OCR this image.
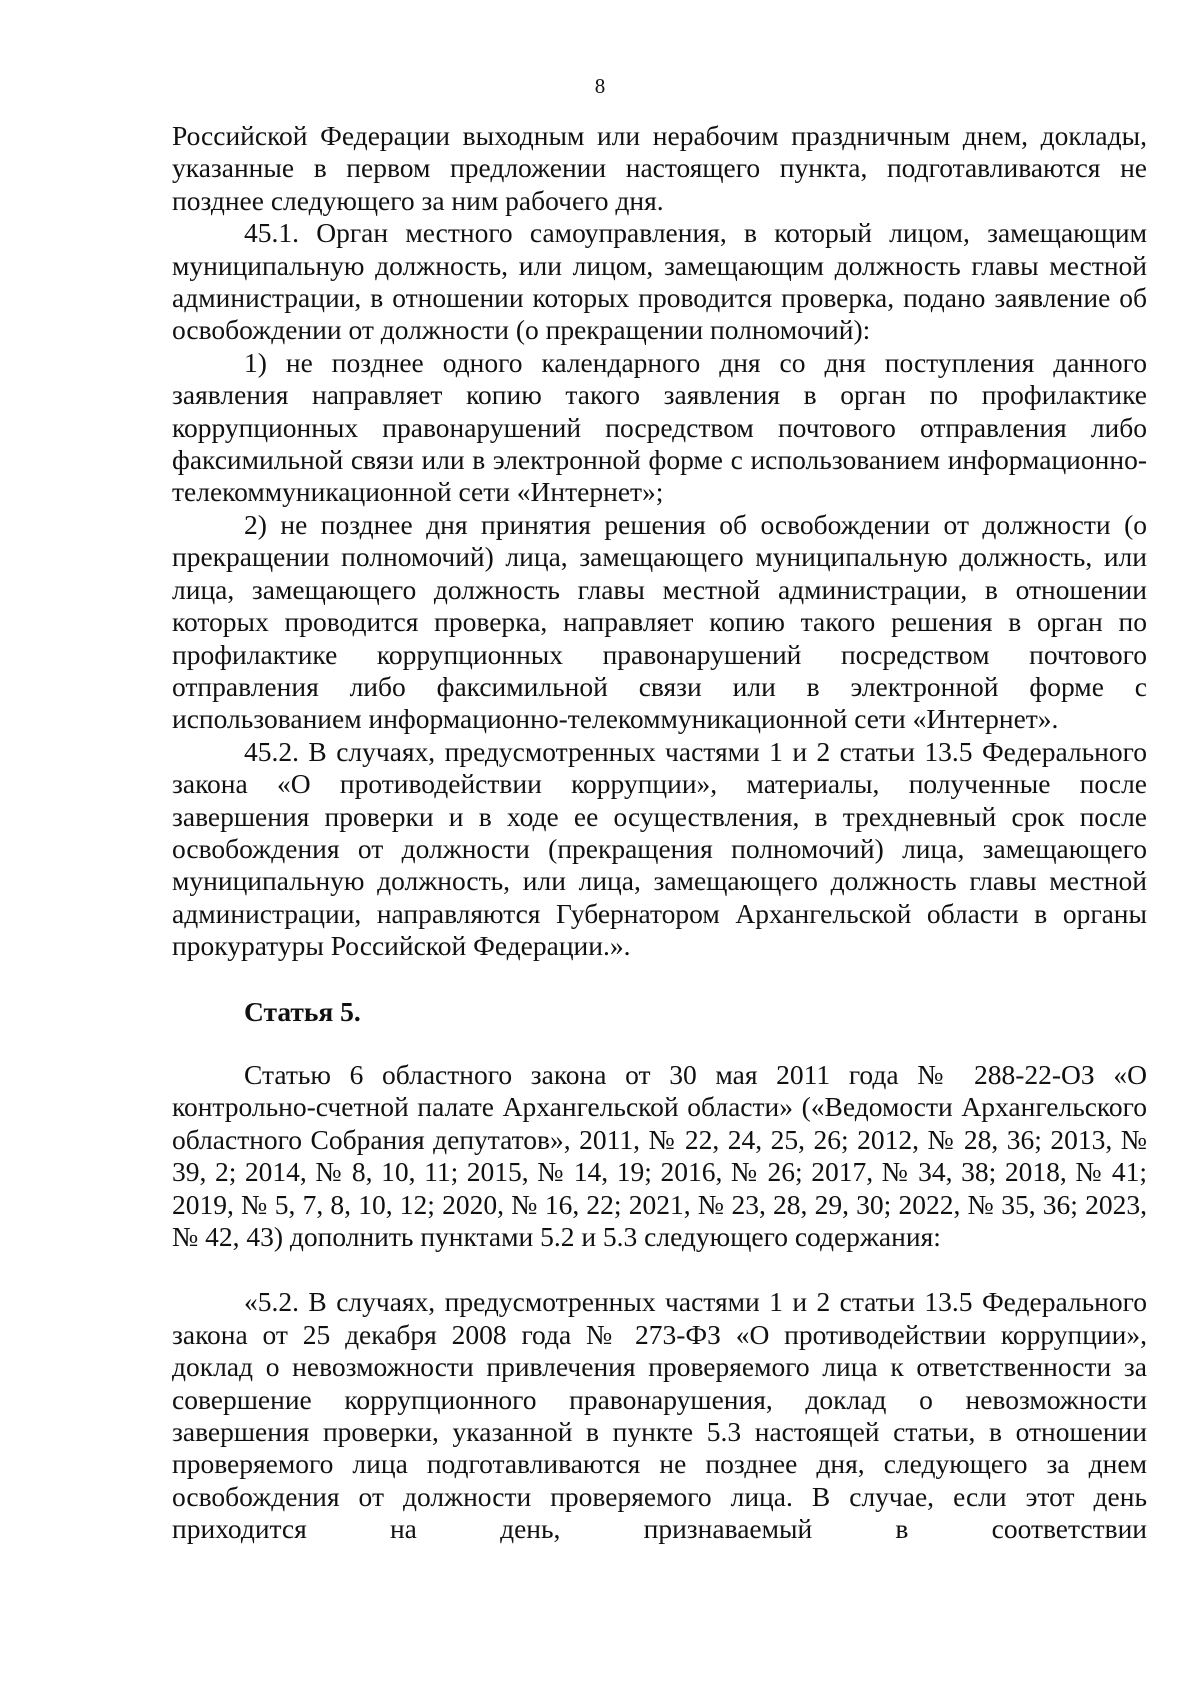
8

Российской Федерации выходным или нерабочим праздничным днем, доклады, указанные в первом предложении настоящего пункта, подготавливаются не позднее следующего за ним рабочего дня.

45.1. Орган местного самоуправления, в который лицом, замещающим муниципальную должность, или лицом, замещающим должность главы местной администрации, в отношении которых проводится проверка, подано заявление об освобождении от должности (о прекращении полномочий):

1) не позднее одного календарного дня со дня поступления данного заявления направляет копию такого заявления в орган по профилактике коррупционных правонарушений посредством почтового отправления либо факсимильной связи или в электронной форме с использованием информационно-телекоммуникационной сети «Интернет»;

2) не позднее дня принятия решения об освобождении от должности (о прекращении полномочий) лица, замещающего муниципальную должность, или лица, замещающего должность главы местной администрации, в отношении которых проводится проверка, направляет копию такого решения в орган по профилактике коррупционных правонарушений посредством почтового отправления либо факсимильной связи или в электронной форме с использованием информационно-телекоммуникационной сети «Интернет».

45.2. В случаях, предусмотренных частями 1 и 2 статьи 13.5 Федерального закона «О противодействии коррупции», материалы, полученные после завершения проверки и в ходе ее осуществления, в трехдневный срок после освобождения от должности (прекращения полномочий) лица, замещающего муниципальную должность, или лица, замещающего должность главы местной администрации, направляются Губернатором Архангельской области в органы прокуратуры Российской Федерации.».

Статья 5.

Статью 6 областного закона от 30 мая 2011 года № 288-22-ОЗ «О контрольно-счетной палате Архангельской области» («Ведомости Архангельского областного Собрания депутатов», 2011, № 22, 24, 25, 26; 2012, № 28, 36; 2013, № 39, 2; 2014, № 8, 10, 11; 2015, № 14, 19; 2016, № 26; 2017, № 34, 38; 2018, № 41; 2019, № 5, 7, 8, 10, 12; 2020, № 16, 22; 2021, № 23, 28, 29, 30; 2022, № 35, 36; 2023, № 42, 43) дополнить пунктами 5.2 и 5.3 следующего содержания:

«5.2. В случаях, предусмотренных частями 1 и 2 статьи 13.5 Федерального закона от 25 декабря 2008 года № 273-ФЗ «О противодействии коррупции», доклад о невозможности привлечения проверяемого лица к ответственности за совершение коррупционного правонарушения, доклад о невозможности завершения проверки, указанной в пункте 5.3 настоящей статьи, в отношении проверяемого лица подготавливаются не позднее дня, следующего за днем освобождения от должности проверяемого лица. В случае, если этот день приходится на день, признаваемый в соответствии
